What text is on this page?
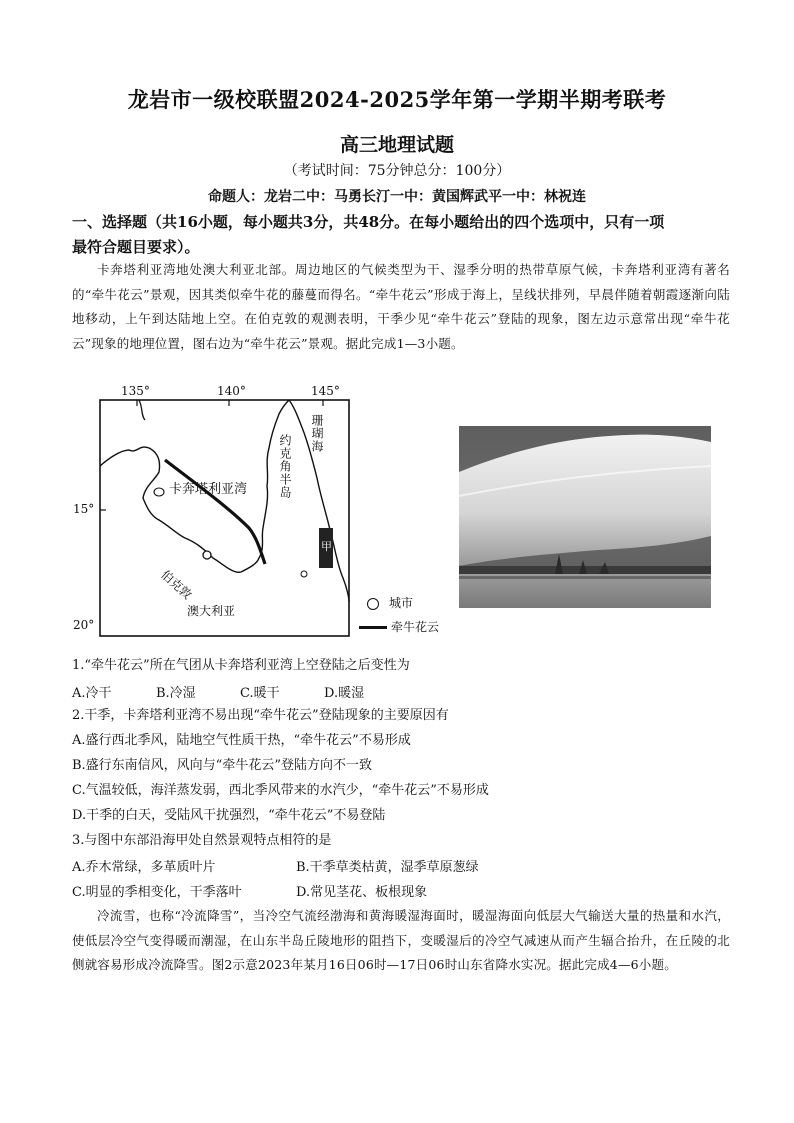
龙岩市一级校联盟2024-2025学年第一学期半期考联考
高三地理试题
（考试时间：75分钟总分：100分）
命题人：龙岩二中：马勇长汀一中：黄国辉武平一中：林祝连
一、选择题（共16小题，每小题共3分，共48分。在每小题给出的四个选项中，只有一项
最符合题目要求）。
卡奔塔利亚湾地处澳大利亚北部。周边地区的气候类型为干、湿季分明的热带草原气候，卡奔塔利亚湾有著名的“牵牛花云”景观，因其类似牵牛花的藤蔓而得名。“牵牛花云”形成于海上，呈线状排列，早晨伴随着朝霞逐渐向陆地移动，上午到达陆地上空。在伯克敦的观测表明，干季少见“牵牛花云”登陆的现象，图左边示意常出现“牵牛花云”现象的地理位置，图右边为“牵牛花云”景观。据此完成1—3小题。
135°	140°	145°
15°
20°
卡奔塔利亚湾	约克角半岛
珊瑚海
伯克敦
澳大利亚
甲
城市
牵牛花云
1.“牵牛花云”所在气团从卡奔塔利亚湾上空登陆之后变性为
A.冷干	B.冷湿	C.暖干	D.暖湿
2.干季，卡奔塔利亚湾不易出现“牵牛花云”登陆现象的主要原因有
A.盛行西北季风，陆地空气性质干热，“牵牛花云”不易形成
B.盛行东南信风，风向与“牵牛花云”登陆方向不一致
C.气温较低，海洋蒸发弱，西北季风带来的水汽少，“牵牛花云”不易形成
D.干季的白天，受陆风干扰强烈，“牵牛花云”不易登陆
3.与图中东部沿海甲处自然景观特点相符的是
A.乔木常绿，多革质叶片	B.干季草类枯黄，湿季草原葱绿
C.明显的季相变化，干季落叶	D.常见茎花、板根现象
冷流雪，也称“冷流降雪”，当冷空气流经渤海和黄海暖湿海面时，暖湿海面向低层大气输送大量的热量和水汽，使低层冷空气变得暖而潮湿，在山东半岛丘陵地形的阻挡下，变暖湿后的冷空气减速从而产生辐合抬升，在丘陵的北侧就容易形成冷流降雪。图2示意2023年某月16日06时—17日06时山东省降水实况。据此完成4—6小题。
